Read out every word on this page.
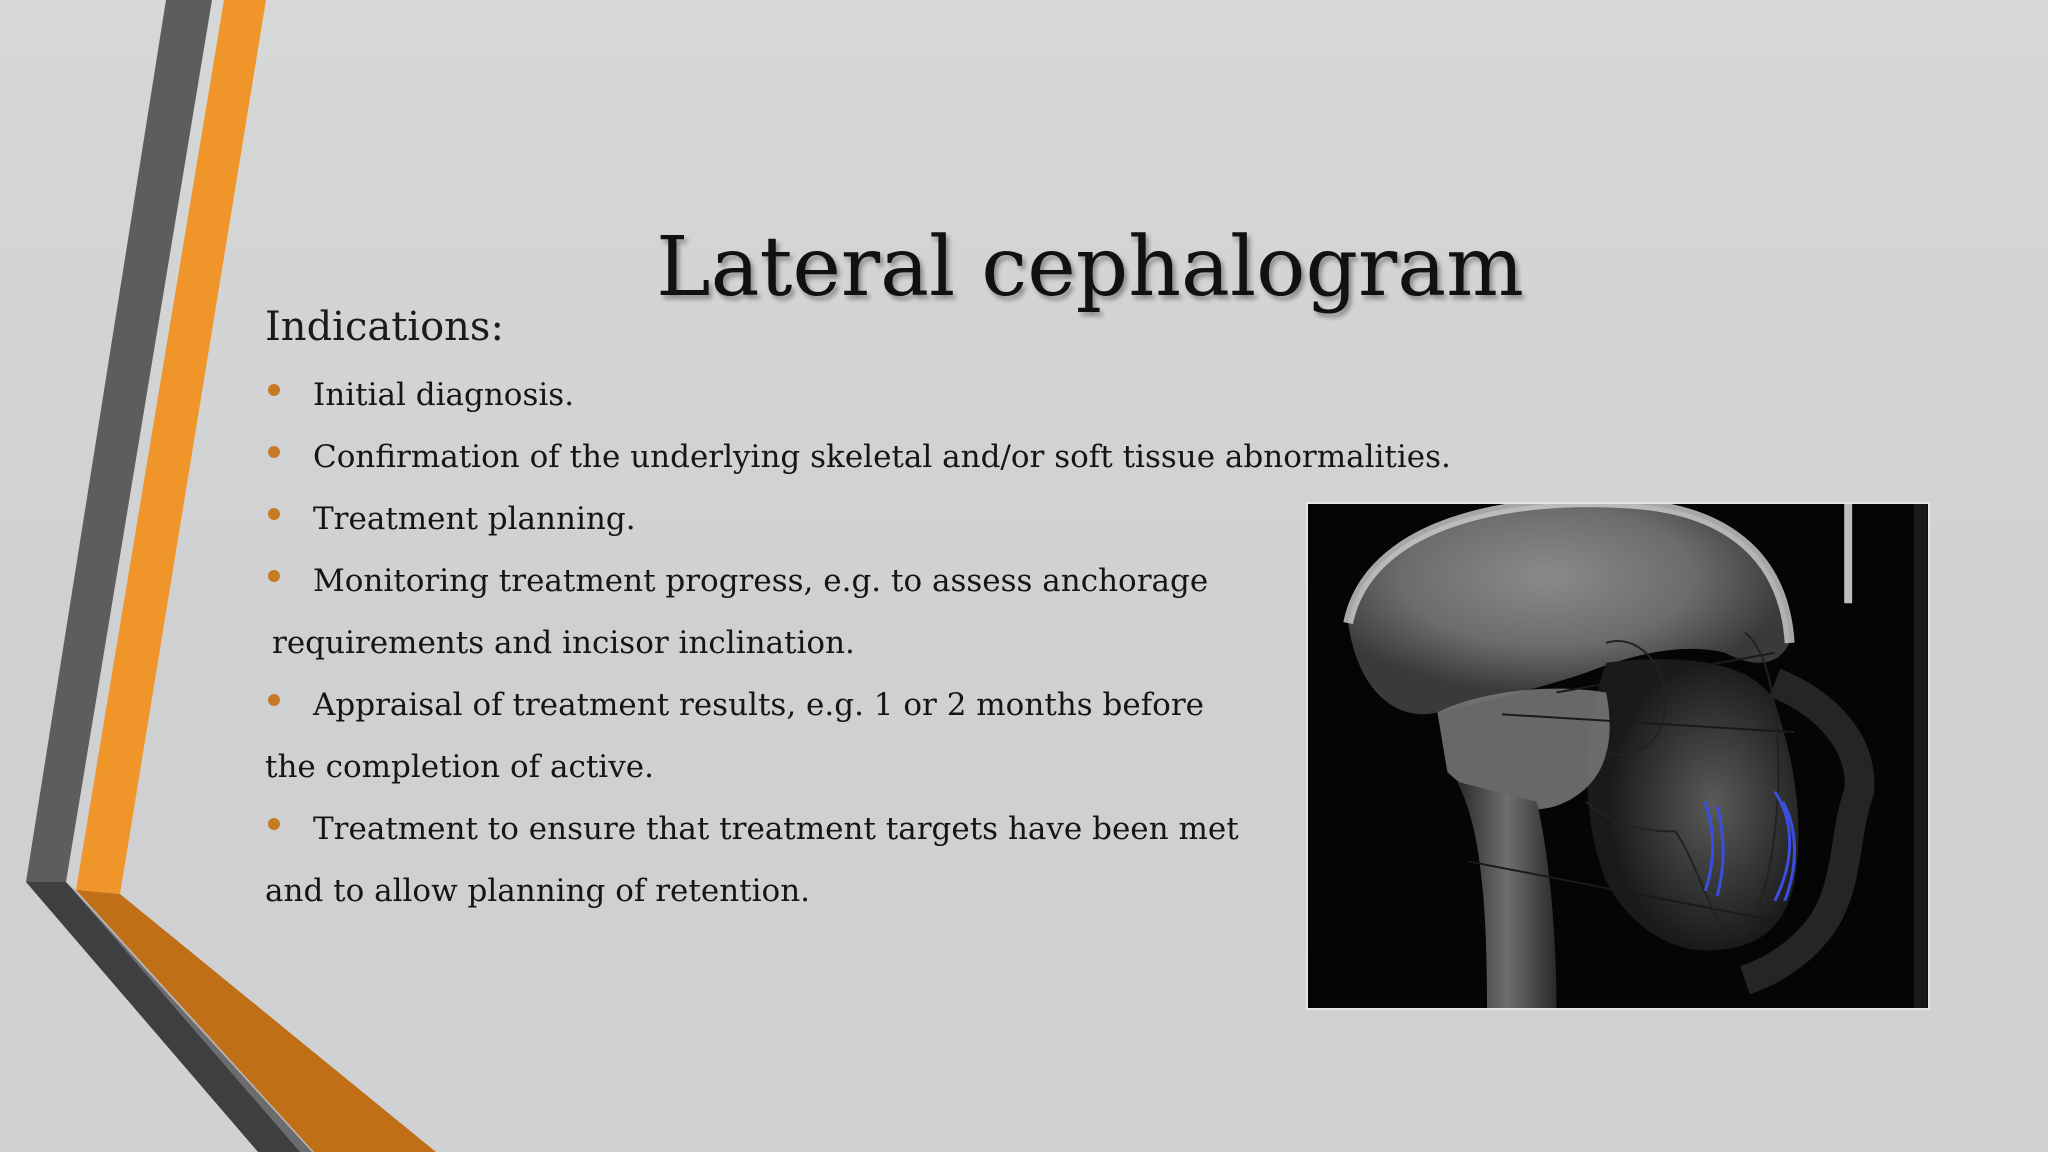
Lateral cephalogram
Indications:
Initial diagnosis.
Confirmation of the underlying skeletal and/or soft tissue abnormalities.
Treatment planning.
Monitoring treatment progress, e.g. to assess anchorage
requirements and incisor inclination.
Appraisal of treatment results, e.g. 1 or 2 months before
the completion of active.
Treatment to ensure that treatment targets have been met
and to allow planning of retention.
